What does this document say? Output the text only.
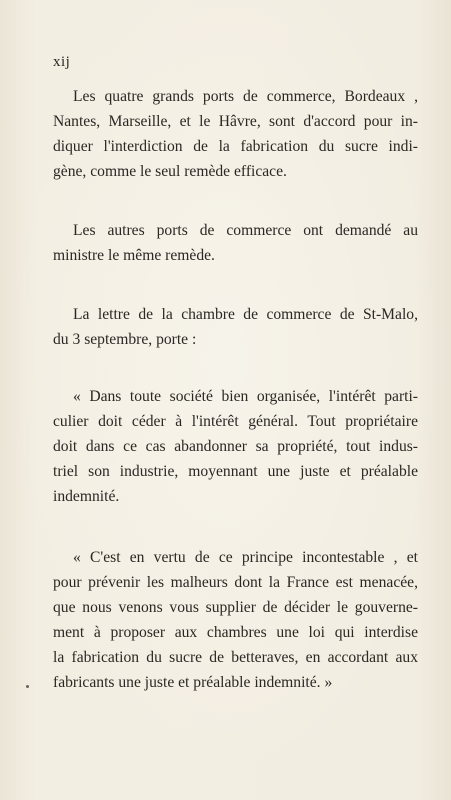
xij
Les quatre grands ports de commerce, Bordeaux ,
Nantes, Marseille, et le Hâvre, sont d'accord pour in-
diquer l'interdiction de la fabrication du sucre indi-
gène, comme le seul remède efficace.
Les autres ports de commerce ont demandé au
ministre le même remède.
La lettre de la chambre de commerce de St-Malo,
du 3 septembre, porte :
« Dans toute société bien organisée, l'intérêt parti-
culier doit céder à l'intérêt général. Tout propriétaire
doit dans ce cas abandonner sa propriété, tout indus-
triel son industrie, moyennant une juste et préalable
indemnité.
« C'est en vertu de ce principe incontestable , et
pour prévenir les malheurs dont la France est menacée,
que nous venons vous supplier de décider le gouverne-
ment à proposer aux chambres une loi qui interdise
la fabrication du sucre de betteraves, en accordant aux
fabricants une juste et préalable indemnité. »
